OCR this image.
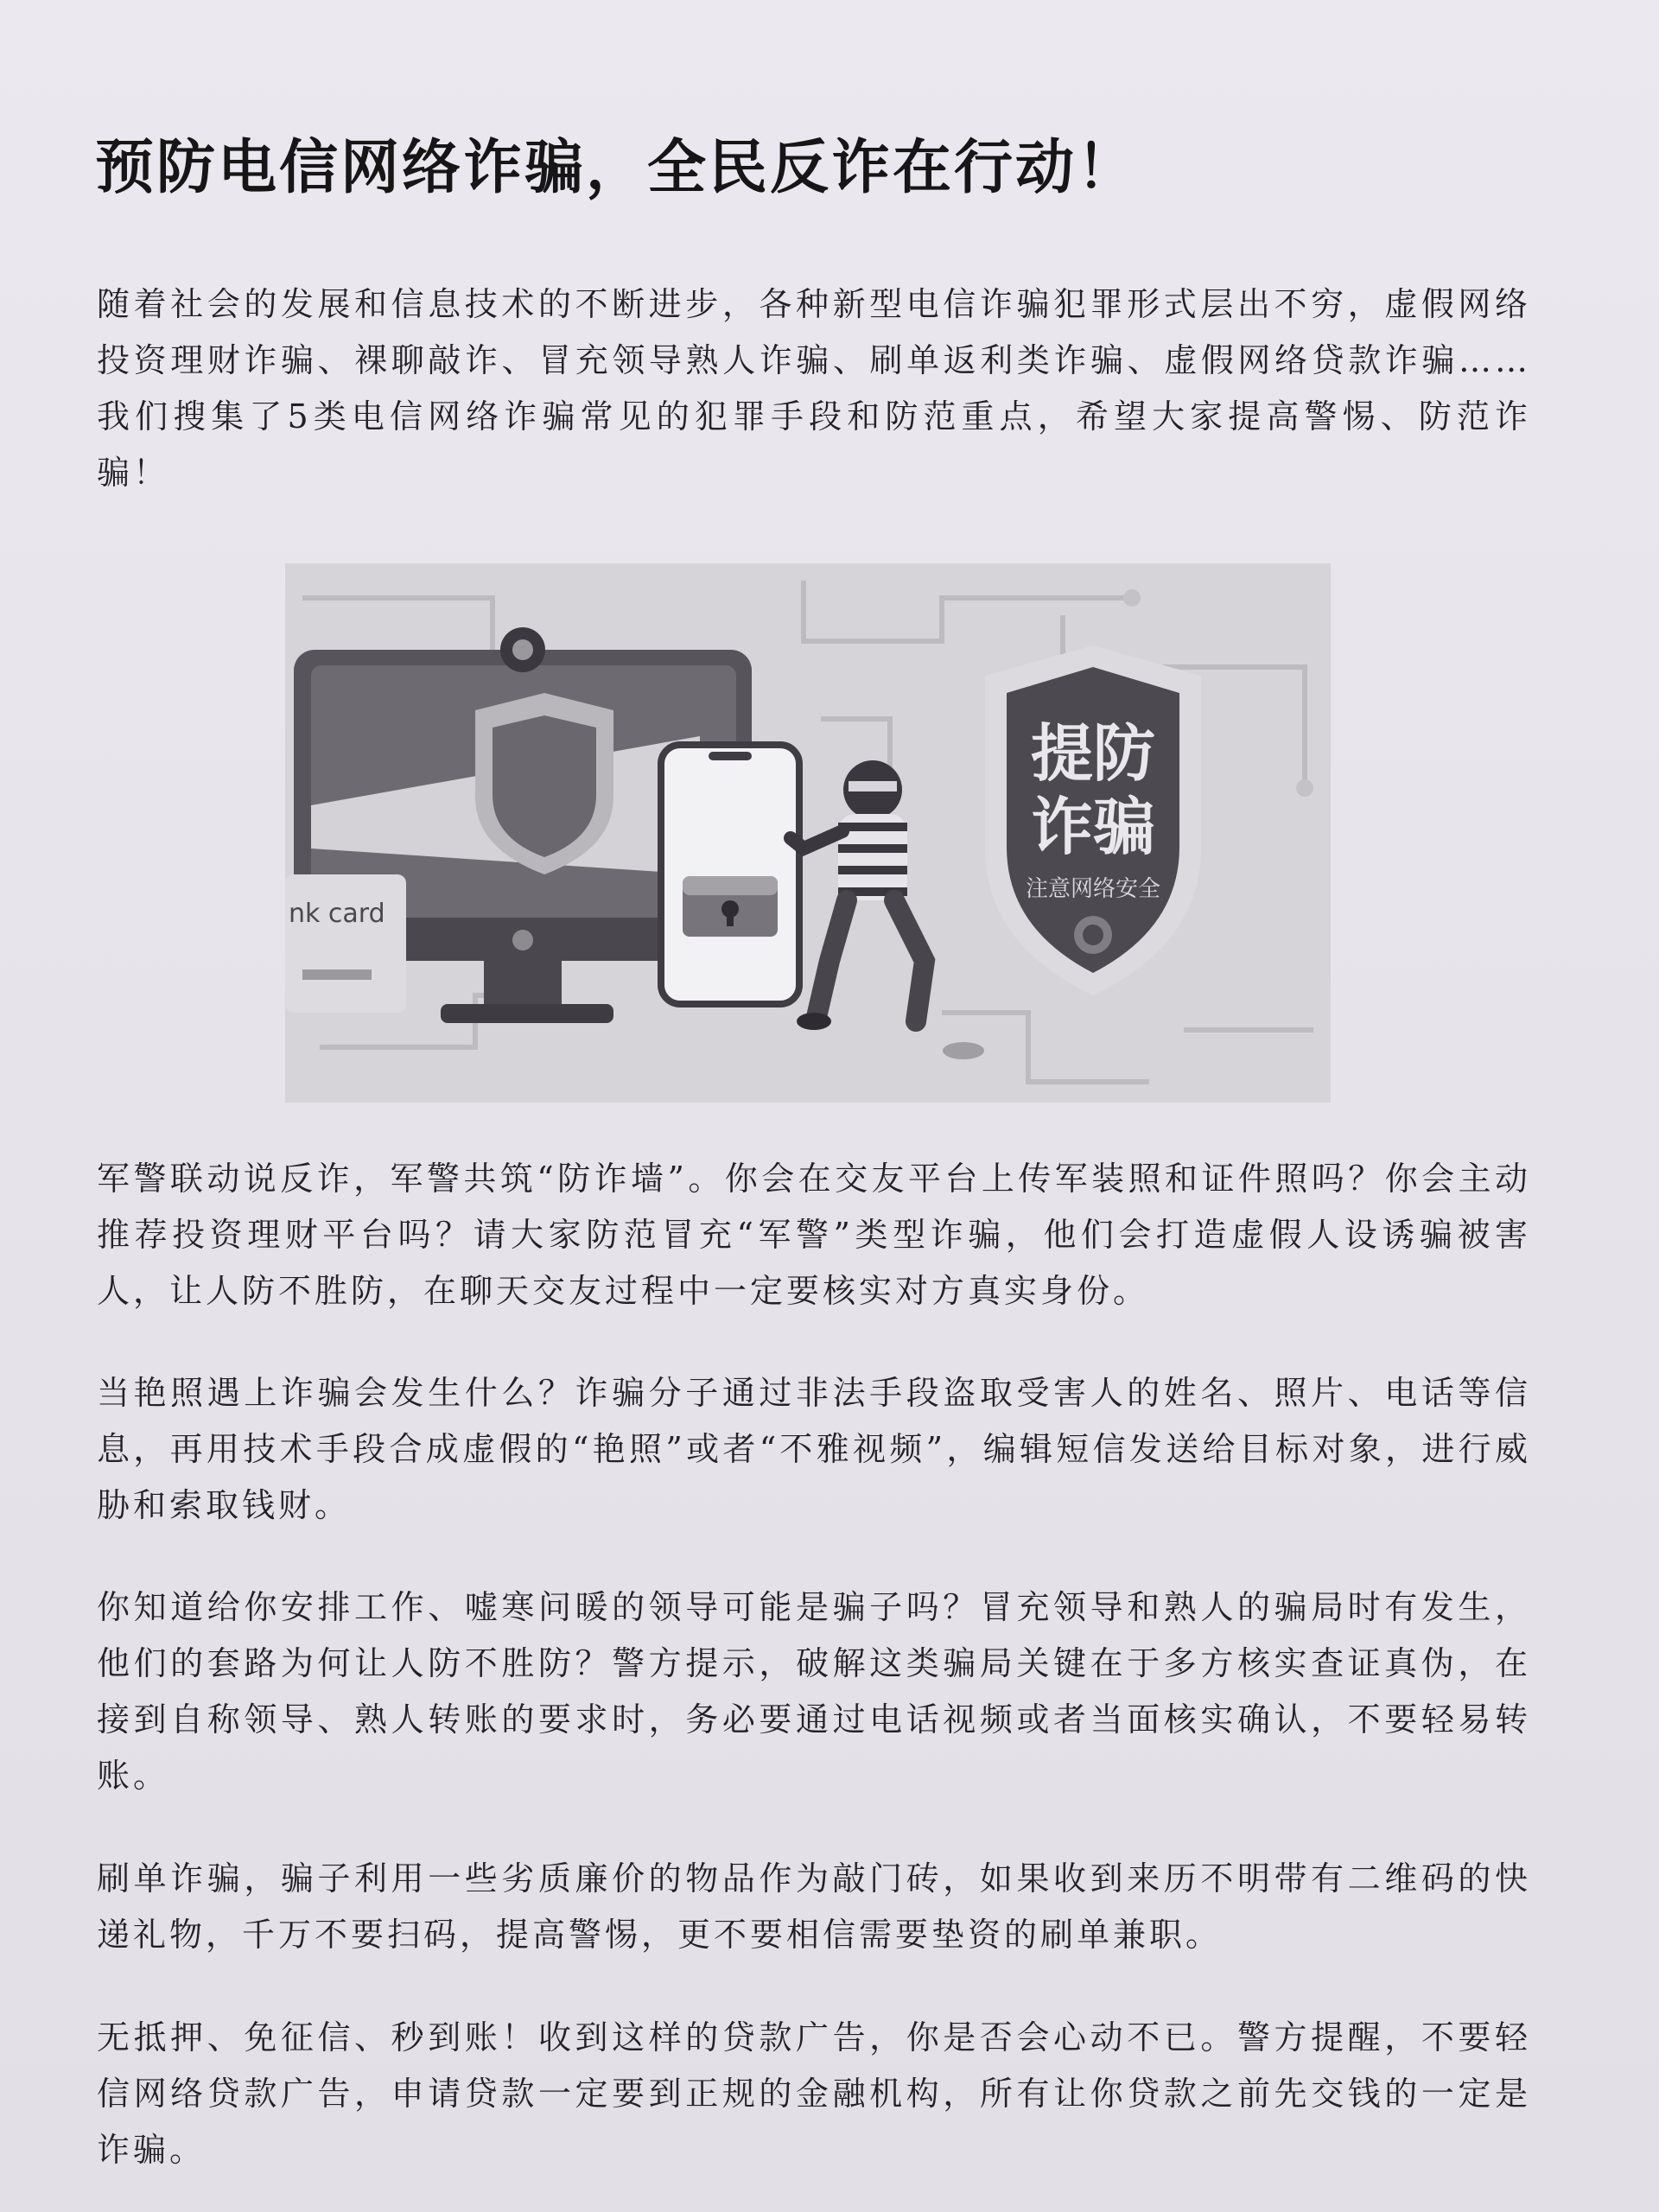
预防电信网络诈骗，全民反诈在行动！

随着社会的发展和信息技术的不断进步，各种新型电信诈骗犯罪形式层出不穷，虚假网络投资理财诈骗、裸聊敲诈、冒充领导熟人诈骗、刷单返利类诈骗、虚假网络贷款诈骗……我们搜集了5类电信网络诈骗常见的犯罪手段和防范重点，希望大家提高警惕、防范诈骗！

nk card
提防
诈骗
注意网络安全

军警联动说反诈，军警共筑“防诈墙”。你会在交友平台上传军装照和证件照吗？你会主动推荐投资理财平台吗？请大家防范冒充“军警”类型诈骗，他们会打造虚假人设诱骗被害人，让人防不胜防，在聊天交友过程中一定要核实对方真实身份。

当艳照遇上诈骗会发生什么？诈骗分子通过非法手段盗取受害人的姓名、照片、电话等信息，再用技术手段合成虚假的“艳照”或者“不雅视频”，编辑短信发送给目标对象，进行威胁和索取钱财。

你知道给你安排工作、嘘寒问暖的领导可能是骗子吗？冒充领导和熟人的骗局时有发生，他们的套路为何让人防不胜防？警方提示，破解这类骗局关键在于多方核实查证真伪，在接到自称领导、熟人转账的要求时，务必要通过电话视频或者当面核实确认，不要轻易转账。

刷单诈骗，骗子利用一些劣质廉价的物品作为敲门砖，如果收到来历不明带有二维码的快递礼物，千万不要扫码，提高警惕，更不要相信需要垫资的刷单兼职。

无抵押、免征信、秒到账！收到这样的贷款广告，你是否会心动不已。警方提醒，不要轻信网络贷款广告，申请贷款一定要到正规的金融机构，所有让你贷款之前先交钱的一定是诈骗。
